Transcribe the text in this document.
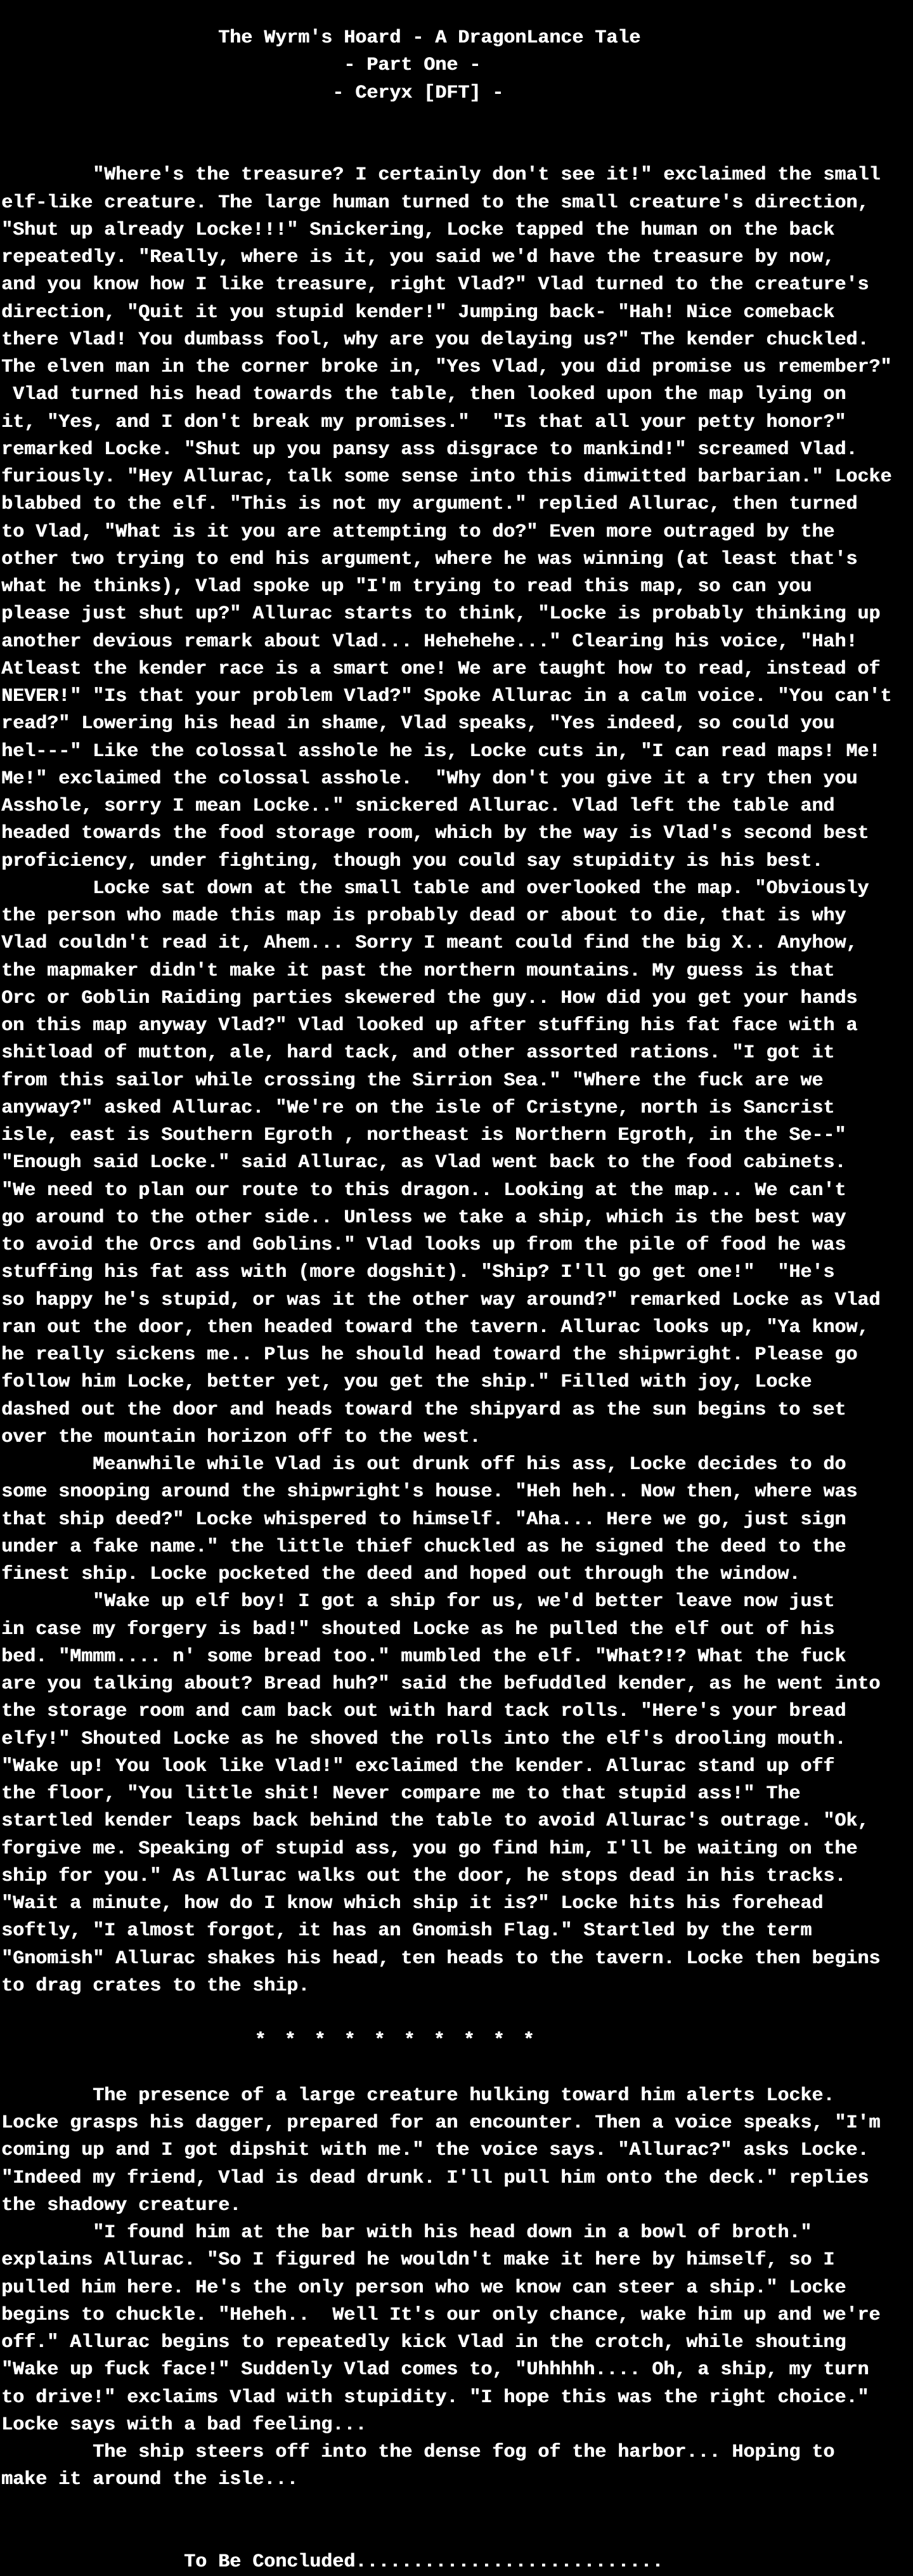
The Wyrm's Hoard - A DragonLance Tale
- Part One -
- Ceryx [DFT] -

"Where's the treasure? I certainly don't see it!" exclaimed the small
elf-like creature. The large human turned to the small creature's direction,
"Shut up already Locke!!!" Snickering, Locke tapped the human on the back
repeatedly. "Really, where is it, you said we'd have the treasure by now,
and you know how I like treasure, right Vlad?" Vlad turned to the creature's
direction, "Quit it you stupid kender!" Jumping back- "Hah! Nice comeback
there Vlad! You dumbass fool, why are you delaying us?" The kender chuckled.
The elven man in the corner broke in, "Yes Vlad, you did promise us remember?"
Vlad turned his head towards the table, then looked upon the map lying on
it, "Yes, and I don't break my promises."  "Is that all your petty honor?"
remarked Locke. "Shut up you pansy ass disgrace to mankind!" screamed Vlad.
furiously. "Hey Allurac, talk some sense into this dimwitted barbarian." Locke
blabbed to the elf. "This is not my argument." replied Allurac, then turned
to Vlad, "What is it you are attempting to do?" Even more outraged by the
other two trying to end his argument, where he was winning (at least that's
what he thinks), Vlad spoke up "I'm trying to read this map, so can you
please just shut up?" Allurac starts to think, "Locke is probably thinking up
another devious remark about Vlad... Hehehehe..." Clearing his voice, "Hah!
Atleast the kender race is a smart one! We are taught how to read, instead of
NEVER!" "Is that your problem Vlad?" Spoke Allurac in a calm voice. "You can't
read?" Lowering his head in shame, Vlad speaks, "Yes indeed, so could you
hel---" Like the colossal asshole he is, Locke cuts in, "I can read maps! Me!
Me!" exclaimed the colossal asshole.  "Why don't you give it a try then you
Asshole, sorry I mean Locke.." snickered Allurac. Vlad left the table and
headed towards the food storage room, which by the way is Vlad's second best
proficiency, under fighting, though you could say stupidity is his best.
Locke sat down at the small table and overlooked the map. "Obviously
the person who made this map is probably dead or about to die, that is why
Vlad couldn't read it, Ahem... Sorry I meant could find the big X.. Anyhow,
the mapmaker didn't make it past the northern mountains. My guess is that
Orc or Goblin Raiding parties skewered the guy.. How did you get your hands
on this map anyway Vlad?" Vlad looked up after stuffing his fat face with a
shitload of mutton, ale, hard tack, and other assorted rations. "I got it
from this sailor while crossing the Sirrion Sea." "Where the fuck are we
anyway?" asked Allurac. "We're on the isle of Cristyne, north is Sancrist
isle, east is Southern Egroth , northeast is Northern Egroth, in the Se--"
"Enough said Locke." said Allurac, as Vlad went back to the food cabinets.
"We need to plan our route to this dragon.. Looking at the map... We can't
go around to the other side.. Unless we take a ship, which is the best way
to avoid the Orcs and Goblins." Vlad looks up from the pile of food he was
stuffing his fat ass with (more dogshit). "Ship? I'll go get one!"  "He's
so happy he's stupid, or was it the other way around?" remarked Locke as Vlad
ran out the door, then headed toward the tavern. Allurac looks up, "Ya know,
he really sickens me.. Plus he should head toward the shipwright. Please go
follow him Locke, better yet, you get the ship." Filled with joy, Locke
dashed out the door and heads toward the shipyard as the sun begins to set
over the mountain horizon off to the west.
Meanwhile while Vlad is out drunk off his ass, Locke decides to do
some snooping around the shipwright's house. "Heh heh.. Now then, where was
that ship deed?" Locke whispered to himself. "Aha... Here we go, just sign
under a fake name." the little thief chuckled as he signed the deed to the
finest ship. Locke pocketed the deed and hoped out through the window.
"Wake up elf boy! I got a ship for us, we'd better leave now just
in case my forgery is bad!" shouted Locke as he pulled the elf out of his
bed. "Mmmm.... n' some bread too." mumbled the elf. "What?!? What the fuck
are you talking about? Bread huh?" said the befuddled kender, as he went into
the storage room and cam back out with hard tack rolls. "Here's your bread
elfy!" Shouted Locke as he shoved the rolls into the elf's drooling mouth.
"Wake up! You look like Vlad!" exclaimed the kender. Allurac stand up off
the floor, "You little shit! Never compare me to that stupid ass!" The
startled kender leaps back behind the table to avoid Allurac's outrage. "Ok,
forgive me. Speaking of stupid ass, you go find him, I'll be waiting on the
ship for you." As Allurac walks out the door, he stops dead in his tracks.
"Wait a minute, how do I know which ship it is?" Locke hits his forehead
softly, "I almost forgot, it has an Gnomish Flag." Startled by the term
"Gnomish" Allurac shakes his head, ten heads to the tavern. Locke then begins
to drag crates to the ship.

* * * * * * * * * *

The presence of a large creature hulking toward him alerts Locke.
Locke grasps his dagger, prepared for an encounter. Then a voice speaks, "I'm
coming up and I got dipshit with me." the voice says. "Allurac?" asks Locke.
"Indeed my friend, Vlad is dead drunk. I'll pull him onto the deck." replies
the shadowy creature.
"I found him at the bar with his head down in a bowl of broth."
explains Allurac. "So I figured he wouldn't make it here by himself, so I
pulled him here. He's the only person who we know can steer a ship." Locke
begins to chuckle. "Heheh..  Well It's our only chance, wake him up and we're
off." Allurac begins to repeatedly kick Vlad in the crotch, while shouting
"Wake up fuck face!" Suddenly Vlad comes to, "Uhhhhh.... Oh, a ship, my turn
to drive!" exclaims Vlad with stupidity. "I hope this was the right choice."
Locke says with a bad feeling...
The ship steers off into the dense fog of the harbor... Hoping to
make it around the isle...

To Be Concluded...........................
